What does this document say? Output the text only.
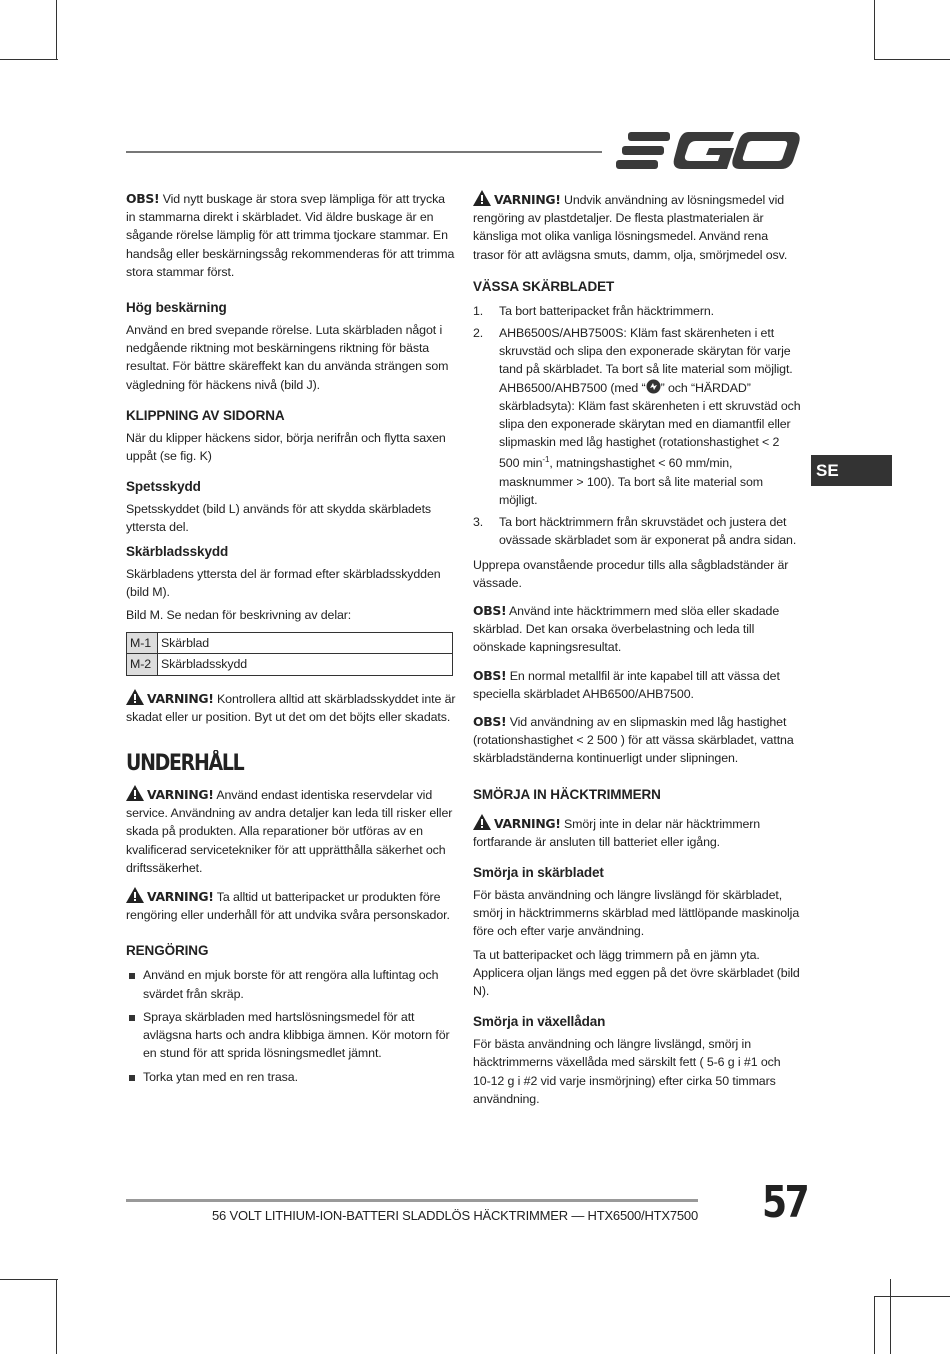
SE

OBS! Vid nytt buskage är stora svep lämpliga för att trycka in stammarna direkt i skärbladet. Vid äldre buskage är en sågande rörelse lämplig för att trimma tjockare stammar. En handsåg eller beskärningssåg rekommenderas för att trimma stora stammar först.

Hög beskärning

Använd en bred svepande rörelse. Luta skärbladen något i nedgående riktning mot beskärningens riktning för bästa resultat. För bättre skäreffekt kan du använda strängen som vägledning för häckens nivå (bild J).

KLIPPNING AV SIDORNA

När du klipper häckens sidor, börja nerifrån och flytta saxen uppåt (se fig. K)

Spetsskydd

Spetsskyddet (bild L) används för att skydda skärbladets yttersta del.

Skärbladsskydd

Skärbladens yttersta del är formad efter skärbladsskydden (bild M).

Bild M. Se nedan för beskrivning av delar:

M-1	Skärblad
M-2	Skärbladsskydd

VARNING! Kontrollera alltid att skärbladsskyddet inte är skadat eller ur position. Byt ut det om det böjts eller skadats.

UNDERHÅLL

VARNING! Använd endast identiska reservdelar vid service. Användning av andra detaljer kan leda till risker eller skada på produkten. Alla reparationer bör utföras av en kvalificerad servicetekniker för att upprätthålla säkerhet och driftssäkerhet.

VARNING! Ta alltid ut batteripacket ur produkten före rengöring eller underhåll för att undvika svåra personskador.

RENGÖRING
Använd en mjuk borste för att rengöra alla luftintag och svärdet från skräp.
Spraya skärbladen med hartslösningsmedel för att avlägsna harts och andra klibbiga ämnen. Kör motorn för en stund för att sprida lösningsmedlet jämnt.
Torka ytan med en ren trasa.

VARNING! Undvik användning av lösningsmedel vid rengöring av plastdetaljer. De flesta plastmaterialen är känsliga mot olika vanliga lösningsmedel. Använd rena trasor för att avlägsna smuts, damm, olja, smörjmedel osv.

VÄSSA SKÄRBLADET
1. Ta bort batteripacket från häcktrimmern.
2. AHB6500S/AHB7500S: Kläm fast skärenheten i ett skruvstäd och slipa den exponerade skärytan för varje tand på skärbladet. Ta bort så lite material som möjligt. AHB6500/AHB7500 (med “ ” och “HÄRDAD” skärbladsyta): Kläm fast skärenheten i ett skruvstäd och slipa den exponerade skärytan med en diamantfil eller slipmaskin med låg hastighet (rotationshastighet < 2 500 $\min^{-1}$, matningshastighet < 60 mm/min, masknummer > 100). Ta bort så lite material som möjligt.
3. Ta bort häcktrimmern från skruvstädet och justera det ovässade skärbladet som är exponerat på andra sidan.

Upprepa ovanstående procedur tills alla sågbladständer är vässade.

OBS! Använd inte häcktrimmern med slöa eller skadade skärblad. Det kan orsaka överbelastning och leda till oönskade kapningsresultat.

OBS! En normal metallfil är inte kapabel till att vässa det speciella skärbladet AHB6500/AHB7500.

OBS! Vid användning av en slipmaskin med låg hastighet (rotationshastighet < 2 500 ) för att vässa skärbladet, vattna skärbladständerna kontinuerligt under slipningen.

SMÖRJA IN HÄCKTRIMMERN

VARNING! Smörj inte in delar när häcktrimmern fortfarande är ansluten till batteriet eller igång.

Smörja in skärbladet

För bästa användning och längre livslängd för skärbladet, smörj in häcktrimmerns skärblad med lättlöpande maskinolja före och efter varje användning.

Ta ut batteripacket och lägg trimmern på en jämn yta. Applicera oljan längs med eggen på det övre skärbladet (bild N).

Smörja in växellådan

För bästa användning och längre livslängd, smörj in häcktrimmerns växellåda med särskilt fett ( 5-6 g i #1 och 10-12 g i #2 vid varje insmörjning) efter cirka 50 timmars användning.

56 VOLT LITHIUM-ION-BATTERI SLADDLÖS HÄCKTRIMMER — HTX6500/HTX7500 57
